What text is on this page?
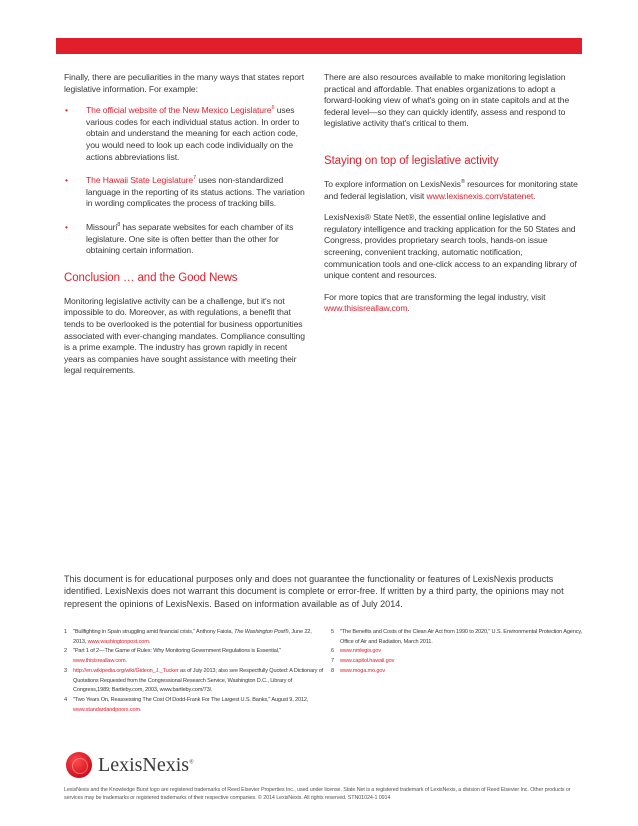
Finally, there are peculiarities in the many ways that states report legislative information. For example:

• The official website of the New Mexico Legislature$^6$ uses various codes for each individual status action. In order to obtain and understand the meaning for each action code, you would need to look up each code individually on the actions abbreviations list.
• The Hawaii State Legislature$^7$ uses non-standardized language in the reporting of its status actions. The variation in wording complicates the process of tracking bills.
• Missouri$^8$ has separate websites for each chamber of its legislature. One site is often better than the other for obtaining certain information.
Conclusion … and the Good News

Monitoring legislative activity can be a challenge, but it's not impossible to do. Moreover, as with regulations, a benefit that tends to be overlooked is the potential for business opportunities associated with ever-changing mandates. Compliance consulting is a prime example. The industry has grown rapidly in recent years as companies have sought assistance with meeting their legal requirements.

There are also resources available to make monitoring legislation practical and affordable. That enables organizations to adopt a forward-looking view of what's going on in state capitols and at the federal level—so they can quickly identify, assess and respond to legislative activity that's critical to them.

Staying on top of legislative activity

To explore information on LexisNexis® resources for monitoring state and federal legislation, visit www.lexisnexis.com/statenet.

LexisNexis® State Net®, the essential online legislative and regulatory intelligence and tracking application for the 50 States and Congress, provides proprietary search tools, hands-on issue screening, convenient tracking, automatic notification, communication tools and one-click access to an expanding library of unique content and resources.

For more topics that are transforming the legal industry, visit www.thisisreallaw.com.

This document is for educational purposes only and does not guarantee the functionality or features of LexisNexis products identified. LexisNexis does not warrant this document is complete or error-free. If written by a third party, the opinions may not represent the opinions of LexisNexis. Based on information available as of July 2014.
1 "Bullfighting in Spain struggling amid financial crisis," Anthony Faiola, The Washington Post®, June 22, 2013, www.washingtonpost.com.
2 "Part 1 of 2—The Game of Rules: Why Monitoring Government Regulations is Essential," www.thisisreallaw.com.
3 http://en.wikipedia.org/wiki/Gideon_J._Tucker as of July 2013; also see Respectfully Quoted: A Dictionary of Quotations Requested from the Congressional Research Service, Washington D.C., Library of Congress,1989; Bartleby.com, 2003, www.bartleby.com/73/.
4 "Two Years On, Reassessing The Cost Of Dodd-Frank For The Largest U.S. Banks," August 9, 2012, www.standardandpoors.com.
5 "The Benefits and Costs of the Clean Air Act from 1990 to 2020," U.S. Environmental Protection Agency, Office of Air and Radiation, March 2011.
6 www.nmlegis.gov
7 www.capitol.hawaii.gov
8 www.moga.mo.gov
LexisNexis®
LexisNexis and the Knowledge Burst logo are registered trademarks of Reed Elsevier Properties Inc., used under license. State Net is a registered trademark of LexisNexis, a division of Reed Elsevier Inc. Other products or services may be trademarks or registered trademarks of their respective companies. © 2014 LexisNexis. All rights reserved. STN01024-1 0914
